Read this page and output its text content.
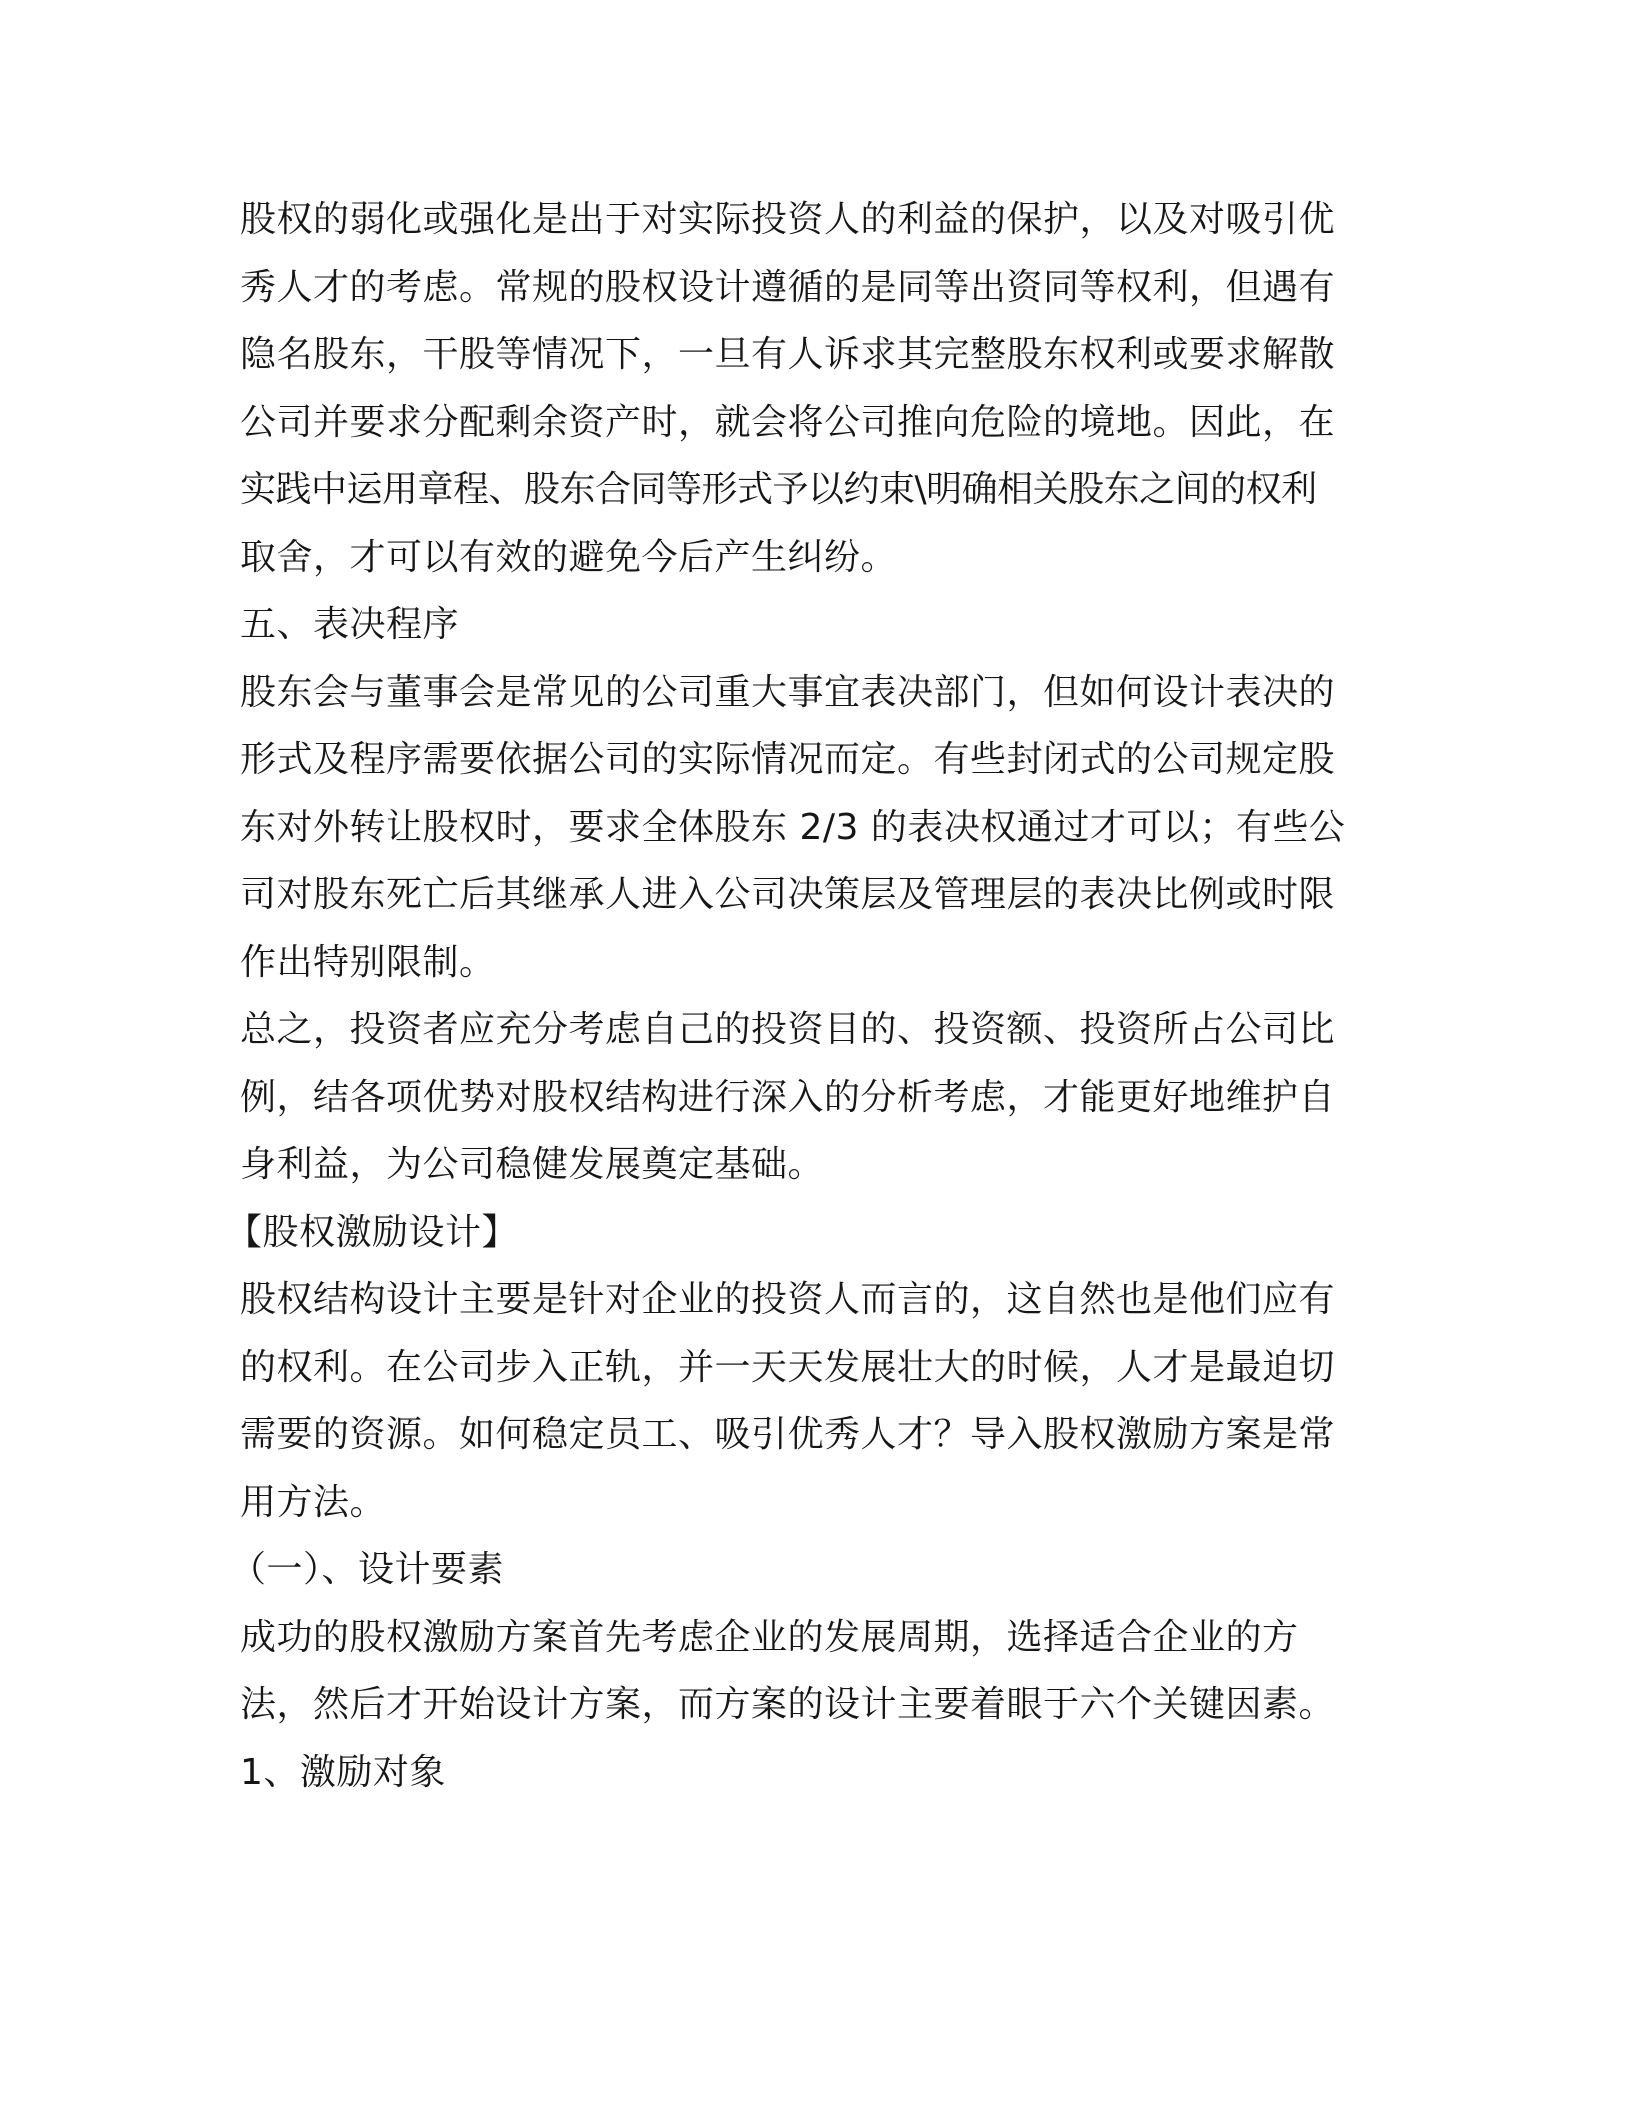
股权的弱化或强化是出于对实际投资人的利益的保护，以及对吸引优
秀人才的考虑。常规的股权设计遵循的是同等出资同等权利，但遇有
隐名股东，干股等情况下，一旦有人诉求其完整股东权利或要求解散
公司并要求分配剩余资产时，就会将公司推向危险的境地。因此，在
实践中运用章程、股东合同等形式予以约束\明确相关股东之间的权利
取舍，才可以有效的避免今后产生纠纷。
五、表决程序
股东会与董事会是常见的公司重大事宜表决部门，但如何设计表决的
形式及程序需要依据公司的实际情况而定。有些封闭式的公司规定股
东对外转让股权时，要求全体股东 2/3 的表决权通过才可以；有些公
司对股东死亡后其继承人进入公司决策层及管理层的表决比例或时限
作出特别限制。
总之，投资者应充分考虑自己的投资目的、投资额、投资所占公司比
例，结各项优势对股权结构进行深入的分析考虑，才能更好地维护自
身利益，为公司稳健发展奠定基础。
【股权激励设计】
股权结构设计主要是针对企业的投资人而言的，这自然也是他们应有
的权利。在公司步入正轨，并一天天发展壮大的时候，人才是最迫切
需要的资源。如何稳定员工、吸引优秀人才？导入股权激励方案是常
用方法。
（一）、设计要素
成功的股权激励方案首先考虑企业的发展周期，选择适合企业的方
法，然后才开始设计方案，而方案的设计主要着眼于六个关键因素。
1、激励对象
